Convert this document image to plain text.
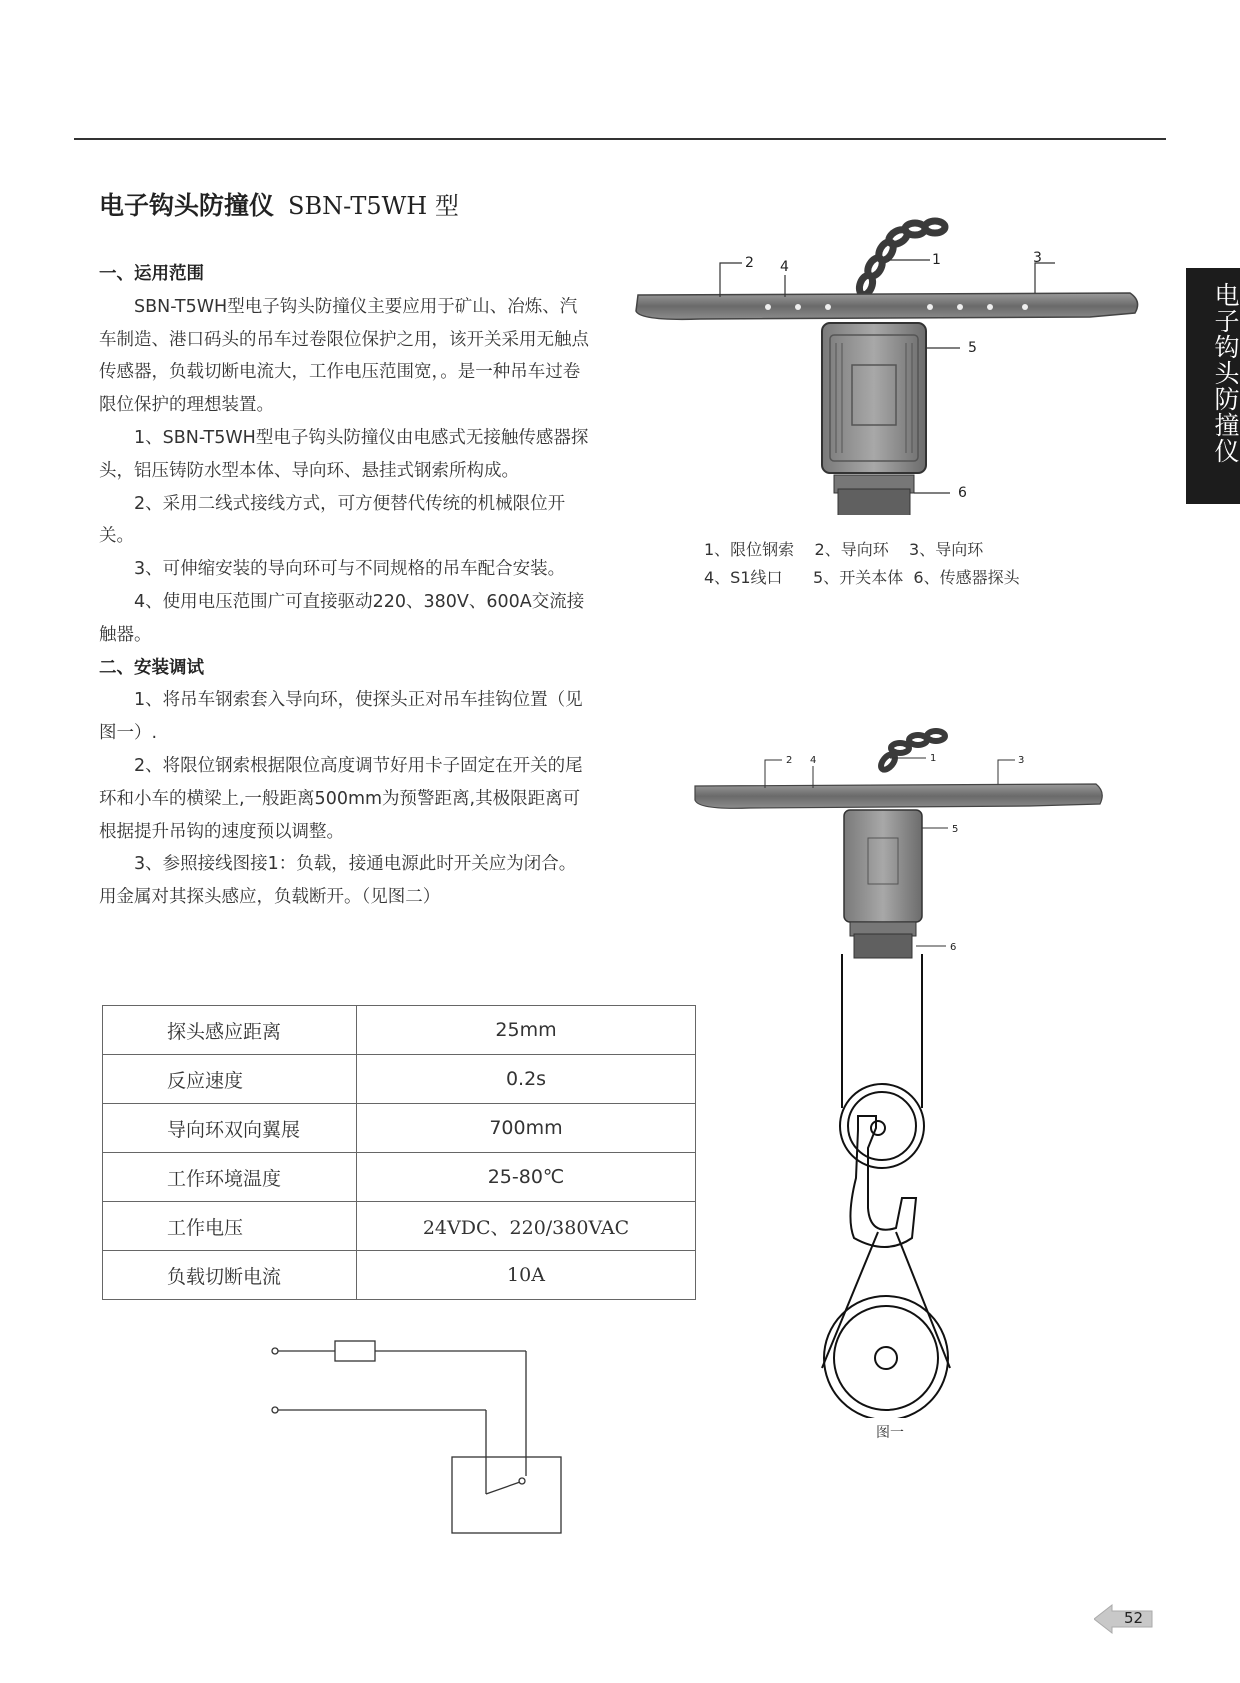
电子钩头防撞仪 SBN-T5WH 型
电子钩头防撞仪

一、运用范围

SBN-T5WH型电子钩头防撞仪主要应用于矿山、冶炼、汽车制造、港口码头的吊车过卷限位保护之用，该开关采用无触点传感器，负载切断电流大，工作电压范围宽，。是一种吊车过卷限位保护的理想装置。

1、SBN-T5WH型电子钩头防撞仪由电感式无接触传感器探头，铝压铸防水型本体、导向环、悬挂式钢索所构成。

2、采用二线式接线方式，可方便替代传统的机械限位开关。

3、可伸缩安装的导向环可与不同规格的吊车配合安装。

4、使用电压范围广可直接驱动220、380V、600A交流接触器。

二、安装调试

1、将吊车钢索套入导向环，使探头正对吊车挂钩位置（见图一）.

2、将限位钢索根据限位高度调节好用卡子固定在开关的尾环和小车的横梁上,一般距离500mm为预警距离,其极限距离可根据提升吊钩的速度预以调整。

3、参照接线图接1：负载，接通电源此时开关应为闭合。用金属对其探头感应，负载断开。（见图二）

探头感应距离	25mm
反应速度	0.2s
导向环双向翼展	700mm
工作环境温度	25-80℃
工作电压	24VDC、220/380VAC
负载切断电流	10A
2 4	1	3
5
6
1、限位钢索    2、导向环    3、导向环
4、S1线口      5、开关本体  6、传感器探头
2 4	1	3
5
6
图一
52
